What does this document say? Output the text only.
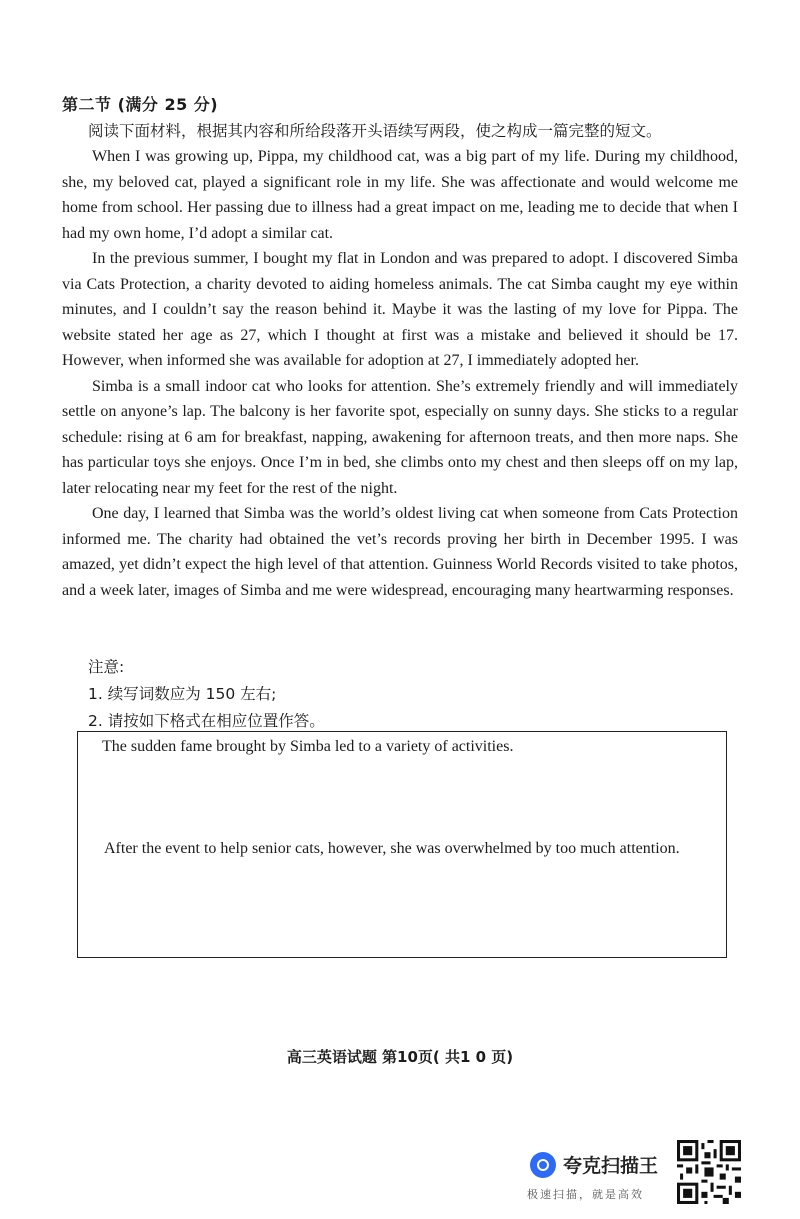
第二节 (满分 25 分)
阅读下面材料，根据其内容和所给段落开头语续写两段，使之构成一篇完整的短文。

When I was growing up, Pippa, my childhood cat, was a big part of my life. During my childhood, she, my beloved cat, played a significant role in my life. She was affectionate and would welcome me home from school. Her passing due to illness had a great impact on me, leading me to decide that when I had my own home, I’d adopt a similar cat.

In the previous summer, I bought my flat in London and was prepared to adopt. I discovered Simba via Cats Protection, a charity devoted to aiding homeless animals. The cat Simba caught my eye within minutes, and I couldn’t say the reason behind it. Maybe it was the lasting of my love for Pippa. The website stated her age as 27, which I thought at first was a mistake and believed it should be 17. However, when informed she was available for adoption at 27, I immediately adopted her.

Simba is a small indoor cat who looks for attention. She’s extremely friendly and will immediately settle on anyone’s lap. The balcony is her favorite spot, especially on sunny days. She sticks to a regular schedule: rising at 6 am for breakfast, napping, awakening for afternoon treats, and then more naps. She has particular toys she enjoys. Once I’m in bed, she climbs onto my chest and then sleeps off on my lap, later relocating near my feet for the rest of the night.

One day, I learned that Simba was the world’s oldest living cat when someone from Cats Protection informed me. The charity had obtained the vet’s records proving her birth in December 1995. I was amazed, yet didn’t expect the high level of that attention. Guinness World Records visited to take photos, and a week later, images of Simba and me were widespread, encouraging many heartwarming responses.

注意:
1. 续写词数应为 150 左右;
2. 请按如下格式在相应位置作答。
The sudden fame brought by Simba led to a variety of activities.

After the event to help senior cats, however, she was overwhelmed by too much attention.

高三英语试题 第10页( 共1 0 页)
夸克扫描王
极速扫描，就是高效
